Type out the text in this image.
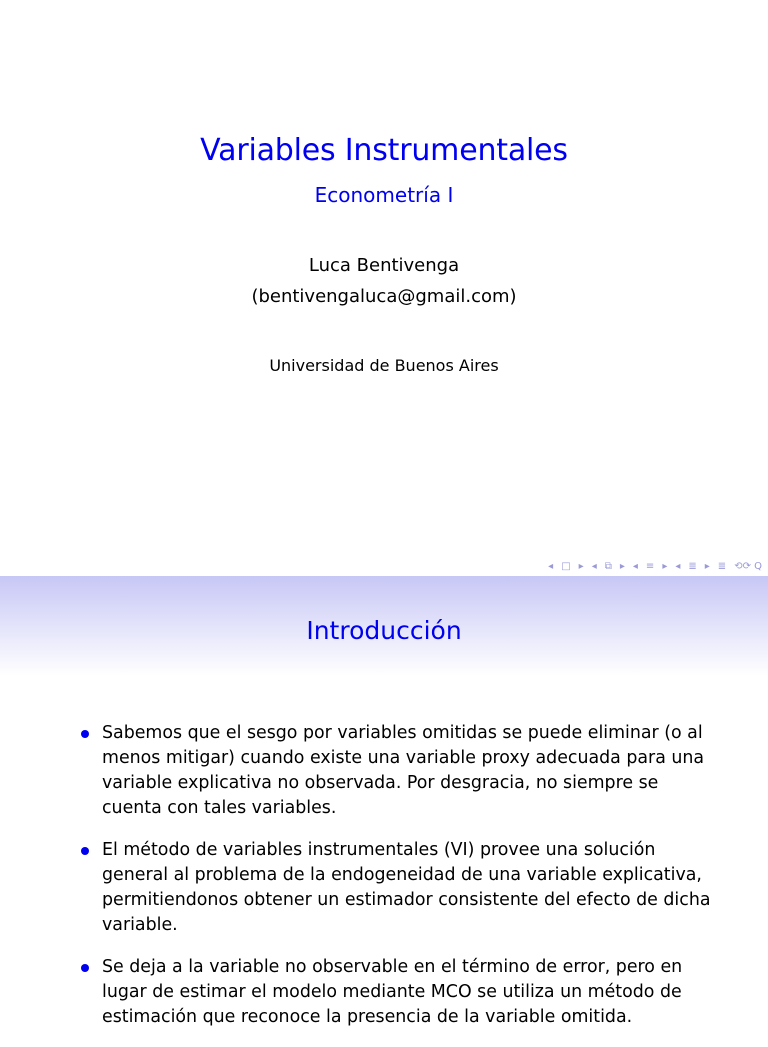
Variables Instrumentales
Econometría I
Luca Bentivenga
(bentivengaluca@gmail.com)
Universidad de Buenos Aires
◂ □ ▸ ◂ ⧉ ▸ ◂ ≡ ▸ ◂ ≣ ▸ ≣ ⟲⟳ Q
Introducción
Sabemos que el sesgo por variables omitidas se puede eliminar (o al menos mitigar) cuando existe una variable proxy adecuada para una variable explicativa no observada. Por desgracia, no siempre se cuenta con tales variables.
El método de variables instrumentales (VI) provee una solución general al problema de la endogeneidad de una variable explicativa, permitiendonos obtener un estimador consistente del efecto de dicha variable.
Se deja a la variable no observable en el término de error, pero en lugar de estimar el modelo mediante MCO se utiliza un método de estimación que reconoce la presencia de la variable omitida.
